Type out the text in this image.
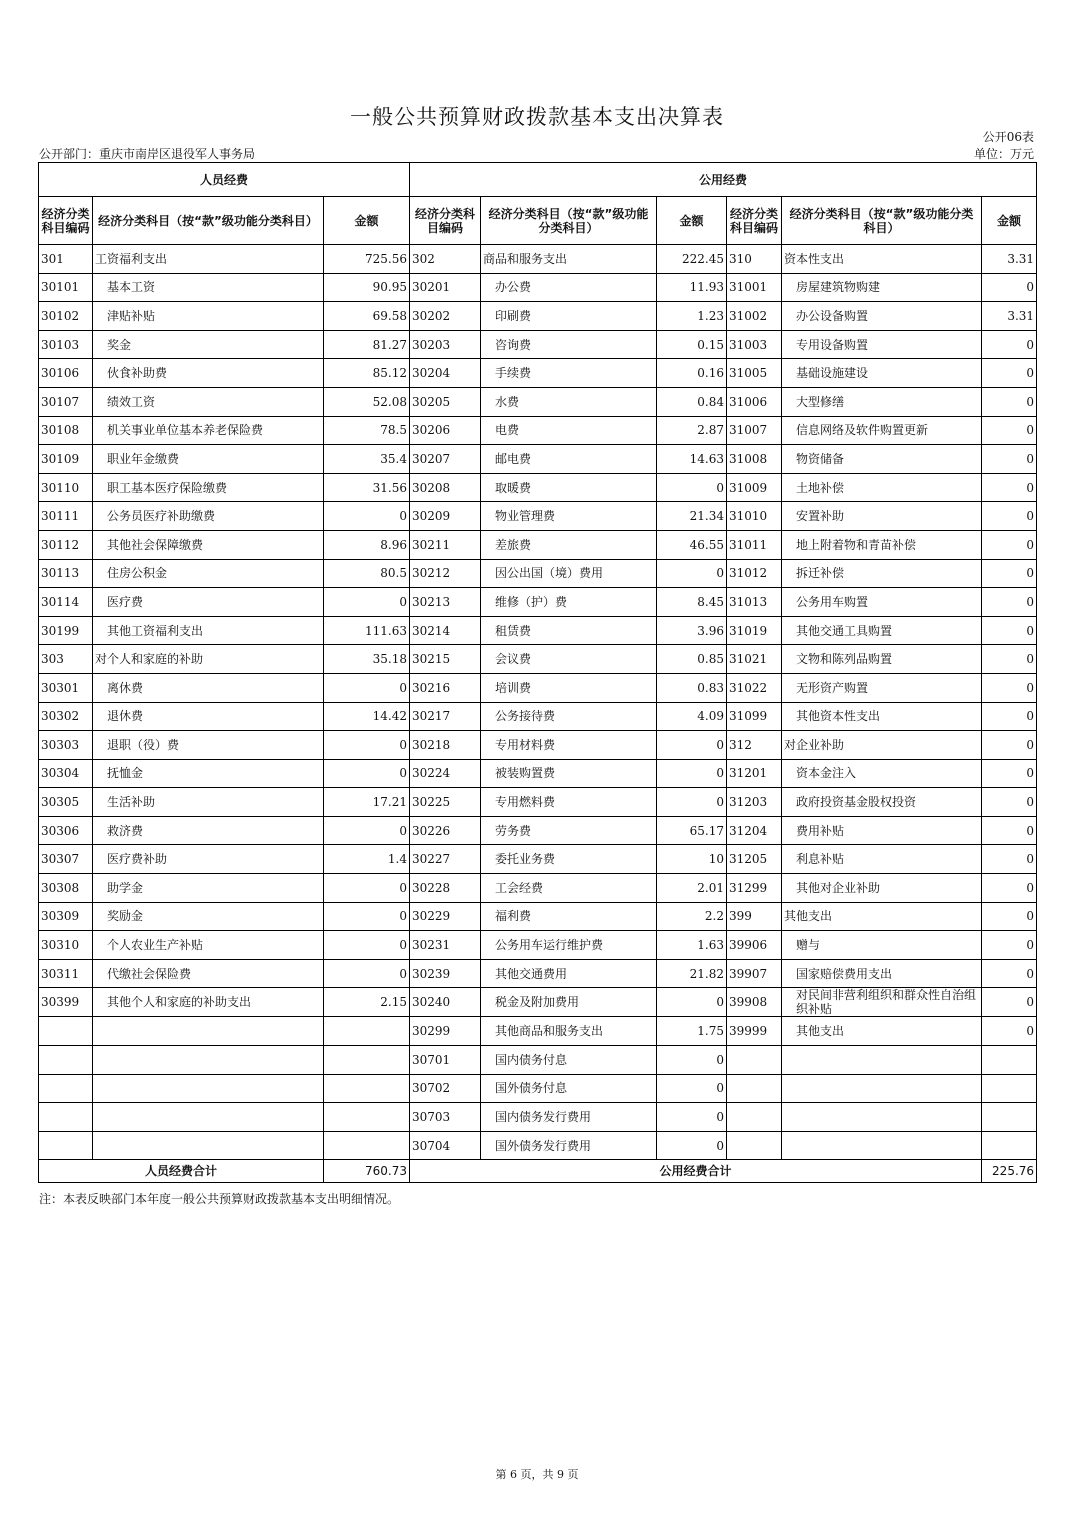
一般公共预算财政拨款基本支出决算表
公开06表
公开部门：重庆市南岸区退役军人事务局	单位：万元
人员经费			公用经费					
经济分类科目编码	经济分类科目（按“款”级功能分类科目）	金额	经济分类科目编码	经济分类科目（按“款”级功能分类科目）	金额	经济分类科目编码	经济分类科目（按“款”级功能分类科目）	金额
301	工资福利支出	725.56	302	商品和服务支出	222.45	310	资本性支出	3.31
30101	基本工资	90.95	30201	办公费	11.93	31001	房屋建筑物购建	0
30102	津贴补贴	69.58	30202	印刷费	1.23	31002	办公设备购置	3.31
30103	奖金	81.27	30203	咨询费	0.15	31003	专用设备购置	0
30106	伙食补助费	85.12	30204	手续费	0.16	31005	基础设施建设	0
30107	绩效工资	52.08	30205	水费	0.84	31006	大型修缮	0
30108	机关事业单位基本养老保险费	78.5	30206	电费	2.87	31007	信息网络及软件购置更新	0
30109	职业年金缴费	35.4	30207	邮电费	14.63	31008	物资储备	0
30110	职工基本医疗保险缴费	31.56	30208	取暖费	0	31009	土地补偿	0
30111	公务员医疗补助缴费	0	30209	物业管理费	21.34	31010	安置补助	0
30112	其他社会保障缴费	8.96	30211	差旅费	46.55	31011	地上附着物和青苗补偿	0
30113	住房公积金	80.5	30212	因公出国（境）费用	0	31012	拆迁补偿	0
30114	医疗费	0	30213	维修（护）费	8.45	31013	公务用车购置	0
30199	其他工资福利支出	111.63	30214	租赁费	3.96	31019	其他交通工具购置	0
303	对个人和家庭的补助	35.18	30215	会议费	0.85	31021	文物和陈列品购置	0
30301	离休费	0	30216	培训费	0.83	31022	无形资产购置	0
30302	退休费	14.42	30217	公务接待费	4.09	31099	其他资本性支出	0
30303	退职（役）费	0	30218	专用材料费	0	312	对企业补助	0
30304	抚恤金	0	30224	被装购置费	0	31201	资本金注入	0
30305	生活补助	17.21	30225	专用燃料费	0	31203	政府投资基金股权投资	0
30306	救济费	0	30226	劳务费	65.17	31204	费用补贴	0
30307	医疗费补助	1.4	30227	委托业务费	10	31205	利息补贴	0
30308	助学金	0	30228	工会经费	2.01	31299	其他对企业补助	0
30309	奖励金	0	30229	福利费	2.2	399	其他支出	0
30310	个人农业生产补贴	0	30231	公务用车运行维护费	1.63	39906	赠与	0
30311	代缴社会保险费	0	30239	其他交通费用	21.82	39907	国家赔偿费用支出	0
30399	其他个人和家庭的补助支出	2.15	30240	税金及附加费用	0	39908	对民间非营利组织和群众性自治组织补贴	0
			30299	其他商品和服务支出	1.75	39999	其他支出	0
			30701	国内债务付息	0			
			30702	国外债务付息	0			
			30703	国内债务发行费用	0			
			30704	国外债务发行费用	0			
人员经费合计		760.73	公用经费合计					225.76
注：本表反映部门本年度一般公共预算财政拨款基本支出明细情况。
第 6 页，共 9 页
